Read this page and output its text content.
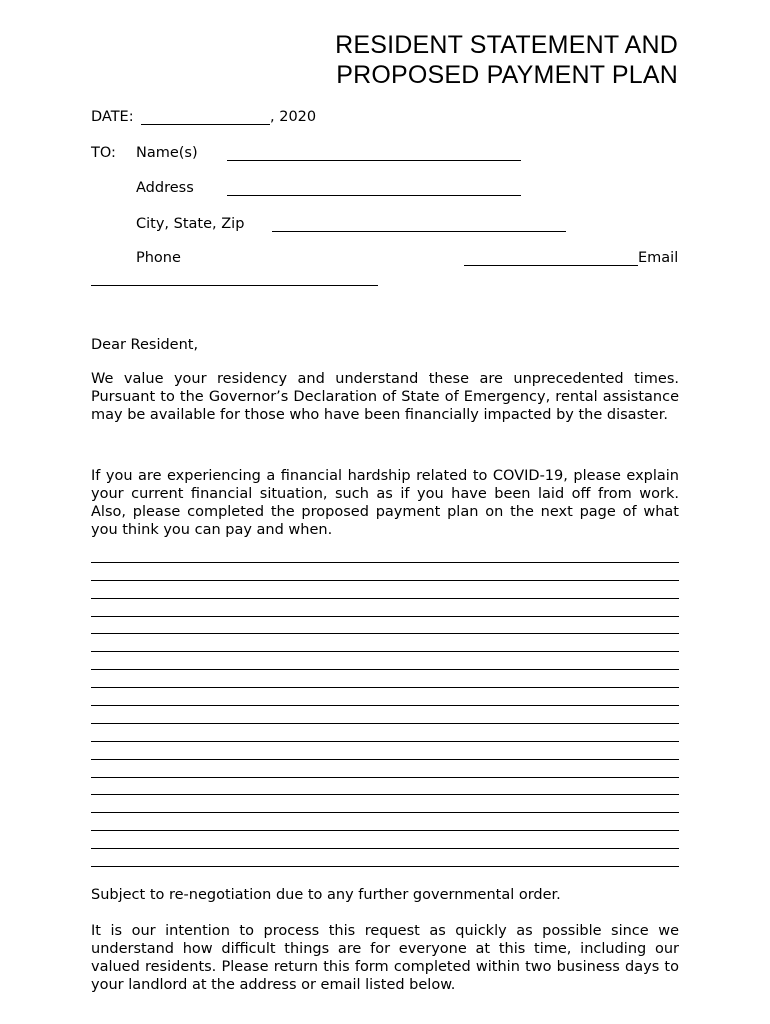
RESIDENT STATEMENT AND
PROPOSED PAYMENT PLAN
DATE:	, 2020
TO: Name(s)
Address
City, State, Zip
Phone	Email
Dear Resident,
We value your residency and understand these are unprecedented times. Pursuant to the Governor’s Declaration of State of Emergency, rental assistance may be available for those who have been financially impacted by the disaster.
If you are experiencing a financial hardship related to COVID-19, please explain your current financial situation, such as if you have been laid off from work. Also, please completed the proposed payment plan on the next page of what you think you can pay and when.
Subject to re-negotiation due to any further governmental order.
It is our intention to process this request as quickly as possible since we understand how difficult things are for everyone at this time, including our valued residents. Please return this form completed within two business days to your landlord at the address or email listed below.
